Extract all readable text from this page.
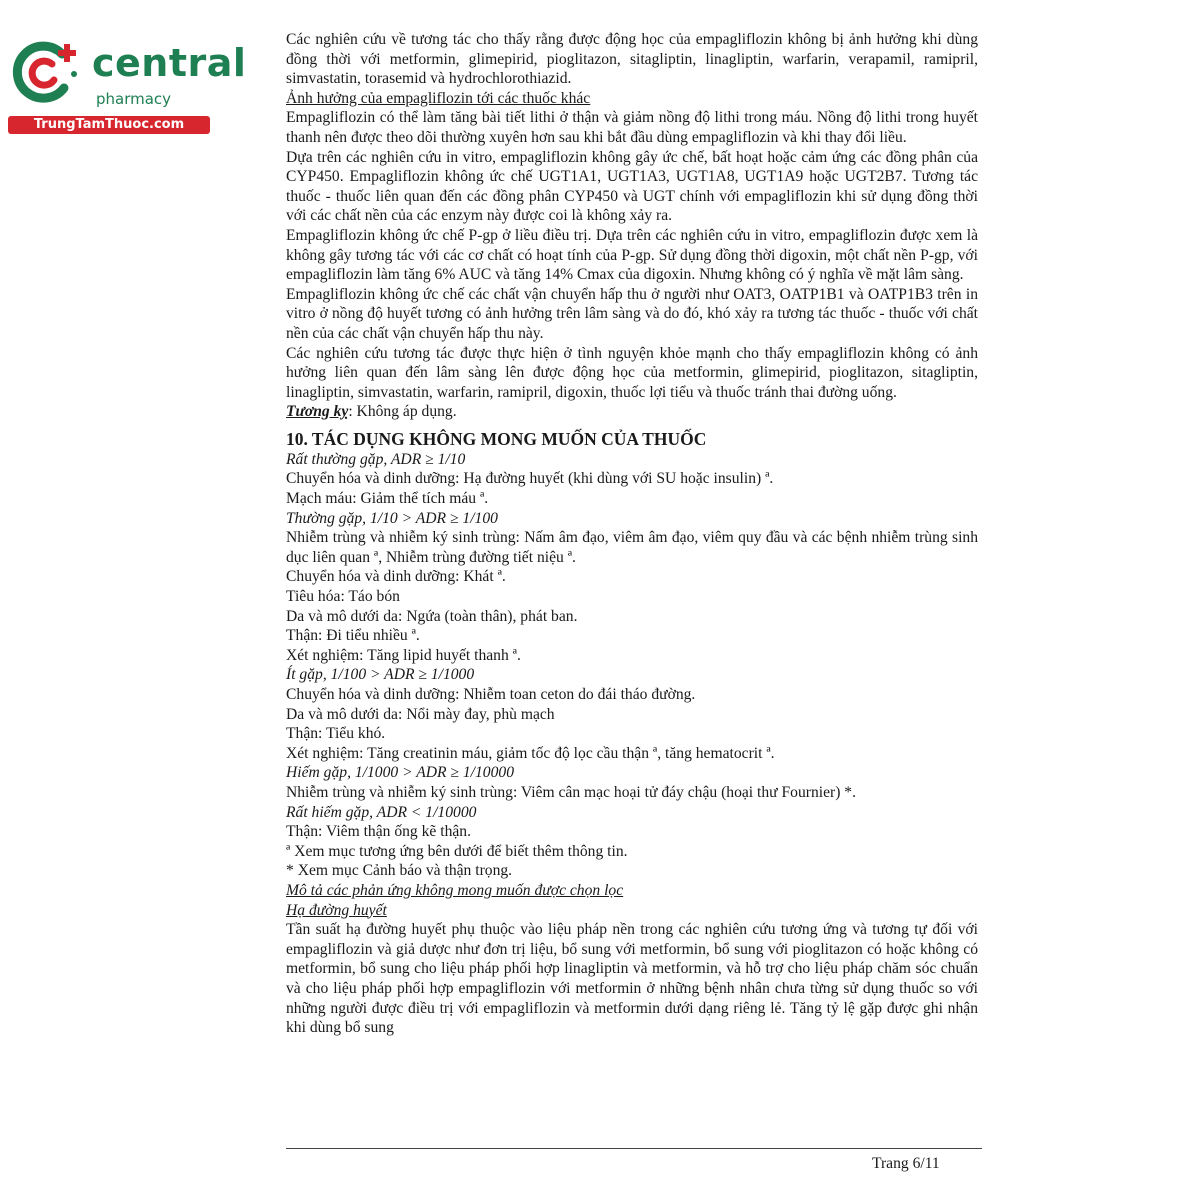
central
pharmacy
TrungTamThuoc.com

Các nghiên cứu về tương tác cho thấy rằng được động học của empagliflozin không bị ảnh hưởng khi dùng đồng thời với metformin, glimepirid, pioglitazon, sitagliptin, linagliptin, warfarin, verapamil, ramipril, simvastatin, torasemid và hydrochlorothiazid.

Ảnh hưởng của empagliflozin tới các thuốc khác

Empagliflozin có thể làm tăng bài tiết lithi ở thận và giảm nồng độ lithi trong máu. Nồng độ lithi trong huyết thanh nên được theo dõi thường xuyên hơn sau khi bắt đầu dùng empagliflozin và khi thay đổi liều.

Dựa trên các nghiên cứu in vitro, empagliflozin không gây ức chế, bất hoạt hoặc cảm ứng các đồng phân của CYP450. Empagliflozin không ức chế UGT1A1, UGT1A3, UGT1A8, UGT1A9 hoặc UGT2B7. Tương tác thuốc - thuốc liên quan đến các đồng phân CYP450 và UGT chính với empagliflozin khi sử dụng đồng thời với các chất nền của các enzym này được coi là không xảy ra.

Empagliflozin không ức chế P-gp ở liều điều trị. Dựa trên các nghiên cứu in vitro, empagliflozin được xem là không gây tương tác với các cơ chất có hoạt tính của P-gp. Sử dụng đồng thời digoxin, một chất nền P-gp, với empagliflozin làm tăng 6% AUC và tăng 14% Cmax của digoxin. Nhưng không có ý nghĩa về mặt lâm sàng.

Empagliflozin không ức chế các chất vận chuyển hấp thu ở người như OAT3, OATP1B1 và OATP1B3 trên in vitro ở nồng độ huyết tương có ảnh hưởng trên lâm sàng và do đó, khó xảy ra tương tác thuốc - thuốc với chất nền của các chất vận chuyển hấp thu này.

Các nghiên cứu tương tác được thực hiện ở tình nguyện khỏe mạnh cho thấy empagliflozin không có ảnh hưởng liên quan đến lâm sàng lên được động học của metformin, glimepirid, pioglitazon, sitagliptin, linagliptin, simvastatin, warfarin, ramipril, digoxin, thuốc lợi tiểu và thuốc tránh thai đường uống.

Tương kỵ: Không áp dụng.

10. TÁC DỤNG KHÔNG MONG MUỐN CỦA THUỐC

Rất thường gặp, ADR ≥ 1/10

Chuyển hóa và dinh dưỡng: Hạ đường huyết (khi dùng với SU hoặc insulin) ª.

Mạch máu: Giảm thể tích máu ª.

Thường gặp, 1/10 > ADR ≥ 1/100

Nhiễm trùng và nhiễm ký sinh trùng: Nấm âm đạo, viêm âm đạo, viêm quy đầu và các bệnh nhiễm trùng sinh dục liên quan ª, Nhiễm trùng đường tiết niệu ª.

Chuyển hóa và dinh dưỡng: Khát ª.

Tiêu hóa: Táo bón

Da và mô dưới da: Ngứa (toàn thân), phát ban.

Thận: Đi tiểu nhiều ª.

Xét nghiệm: Tăng lipid huyết thanh ª.

Ít gặp, 1/100 > ADR ≥ 1/1000

Chuyển hóa và dinh dưỡng: Nhiễm toan ceton do đái tháo đường.

Da và mô dưới da: Nổi mày đay, phù mạch

Thận: Tiểu khó.

Xét nghiệm: Tăng creatinin máu, giảm tốc độ lọc cầu thận ª, tăng hematocrit ª.

Hiếm gặp, 1/1000 > ADR ≥ 1/10000

Nhiễm trùng và nhiễm ký sinh trùng: Viêm cân mạc hoại tử đáy chậu (hoại thư Fournier) *.

Rất hiếm gặp, ADR < 1/10000

Thận: Viêm thận ống kẽ thận.

ª Xem mục tương ứng bên dưới để biết thêm thông tin.

* Xem mục Cảnh báo và thận trọng.

Mô tả các phản ứng không mong muốn được chọn lọc

Hạ đường huyết

Tần suất hạ đường huyết phụ thuộc vào liệu pháp nền trong các nghiên cứu tương ứng và tương tự đối với empagliflozin và giả dược như đơn trị liệu, bổ sung với metformin, bổ sung với pioglitazon có hoặc không có metformin, bổ sung cho liệu pháp phối hợp linagliptin và metformin, và hỗ trợ cho liệu pháp chăm sóc chuẩn và cho liệu pháp phối hợp empagliflozin với metformin ở những bệnh nhân chưa từng sử dụng thuốc so với những người được điều trị với empagliflozin và metformin dưới dạng riêng lẻ. Tăng tỷ lệ gặp được ghi nhận khi dùng bổ sung

Trang 6/11
